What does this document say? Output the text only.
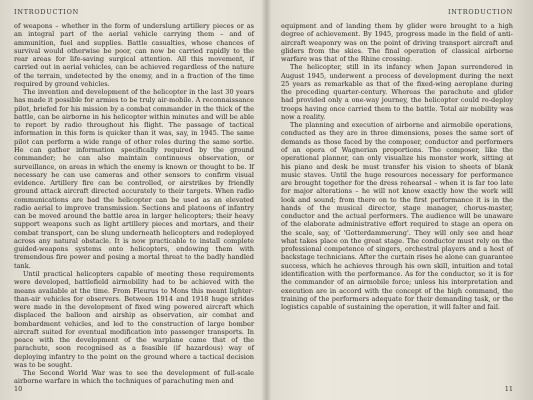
INTRODUCTION

of weapons – whether in the form of underslung artillery pieces or as an integral part of the aerial vehicle carrying them – and of ammunition, fuel and supplies. Battle casualties, whose chances of survival would otherwise be poor, can now be carried rapidly to the rear areas for life-saving surgical attention. All this movement, if carried out in aerial vehicles, can be achieved regardless of the nature of the terrain, undetected by the enemy, and in a fraction of the time required by ground vehicles.

The invention and development of the helicopter in the last 30 years has made it possible for armies to be truly air-mobile. A reconnaissance pilot, briefed for his mission by a combat commander in the thick of the battle, can be airborne in his helicopter within minutes and will be able to report by radio throughout his flight. The passage of tactical information in this form is quicker than it was, say, in 1945. The same pilot can perform a wide range of other roles during the same sortie. He can gather information specifically required by the ground commander; he can also maintain continuous observation, or surveillance, on areas in which the enemy is known or thought to be. If necessary he can use cameras and other sensors to confirm visual evidence. Artillery fire can be controlled, or airstrikes by friendly ground attack aircraft directed accurately to their targets. When radio communications are bad the helicopter can be used as an elevated radio aerial to improve transmission. Sections and platoons of infantry can be moved around the battle area in larger helicopters; their heavy support weapons such as light artillery pieces and mortars, and their combat transport, can be slung underneath helicopters and redeployed across any natural obstacle. It is now practicable to install complete guided-weapons systems onto helicopters, endowing them with tremendous fire power and posing a mortal threat to the badly handled tank.

Until practical helicopters capable of meeting these requirements were developed, battlefield airmobility had to be achieved with the means available at the time. From Fleurus to Mons this meant lighter-than-air vehicles for observers. Between 1914 and 1918 huge strides were made in the development of fixed wing powered aircraft which displaced the balloon and airship as observation, air combat and bombardment vehicles, and led to the construction of large bomber aircraft suited for eventual modification into passenger transports. In peace with the development of the warplane came that of the parachute, soon recognised as a feasible (if hazardous) way of deploying infantry to the point on the ground where a tactical decision was to be sought.

The Second World War was to see the development of full-scale airborne warfare in which the techniques of parachuting men and

10
INTRODUCTION

equipment and of landing them by glider were brought to a high degree of achievement. By 1945, progress made in the field of anti-aircraft weaponry was on the point of driving transport aircraft and gliders from the skies. The final operation of classical airborne warfare was that of the Rhine crossing.

The helicopter, still in its infancy when Japan surrendered in August 1945, underwent a process of development during the next 25 years as remarkable as that of the fixed-wing aeroplane during the preceding quarter-century. Whereas the parachute and glider had provided only a one-way journey, the helicopter could re-deploy troops having once carried them to the battle. Total air mobility was now a reality.

The planning and execution of airborne and airmobile operations, conducted as they are in three dimensions, poses the same sort of demands as those faced by the composer, conductor and performers of an opera of Wagnerian proportions. The composer, like the operational planner, can only visualize his monster work, sitting at his piano and desk he must transfer his vision to sheets of blank music staves. Until the huge resources necessary for performance are brought together for the dress rehearsal – when it is far too late for major alterations – he will not know exactly how the work will look and sound; from there on to the first performance it is in the hands of the musical director, stage manager, chorus-master, conductor and the actual performers. The audience will be unaware of the elaborate administrative effort required to stage an opera on the scale, say, of 'Gotterdammerung'. They will only see and hear what takes place on the great stage. The conductor must rely on the professional competence of singers, orchestral players and a host of backstage technicians. After the curtain rises he alone can guarantee success, which he achieves through his own skill, intuition and total identification with the performance. As for the conductor, so it is for the commander of an airmobile force; unless his interpretation and execution are in accord with the concept of the high command, the training of the performers adequate for their demanding task, or the logistics capable of sustaining the operation, it will falter and fail.

11
